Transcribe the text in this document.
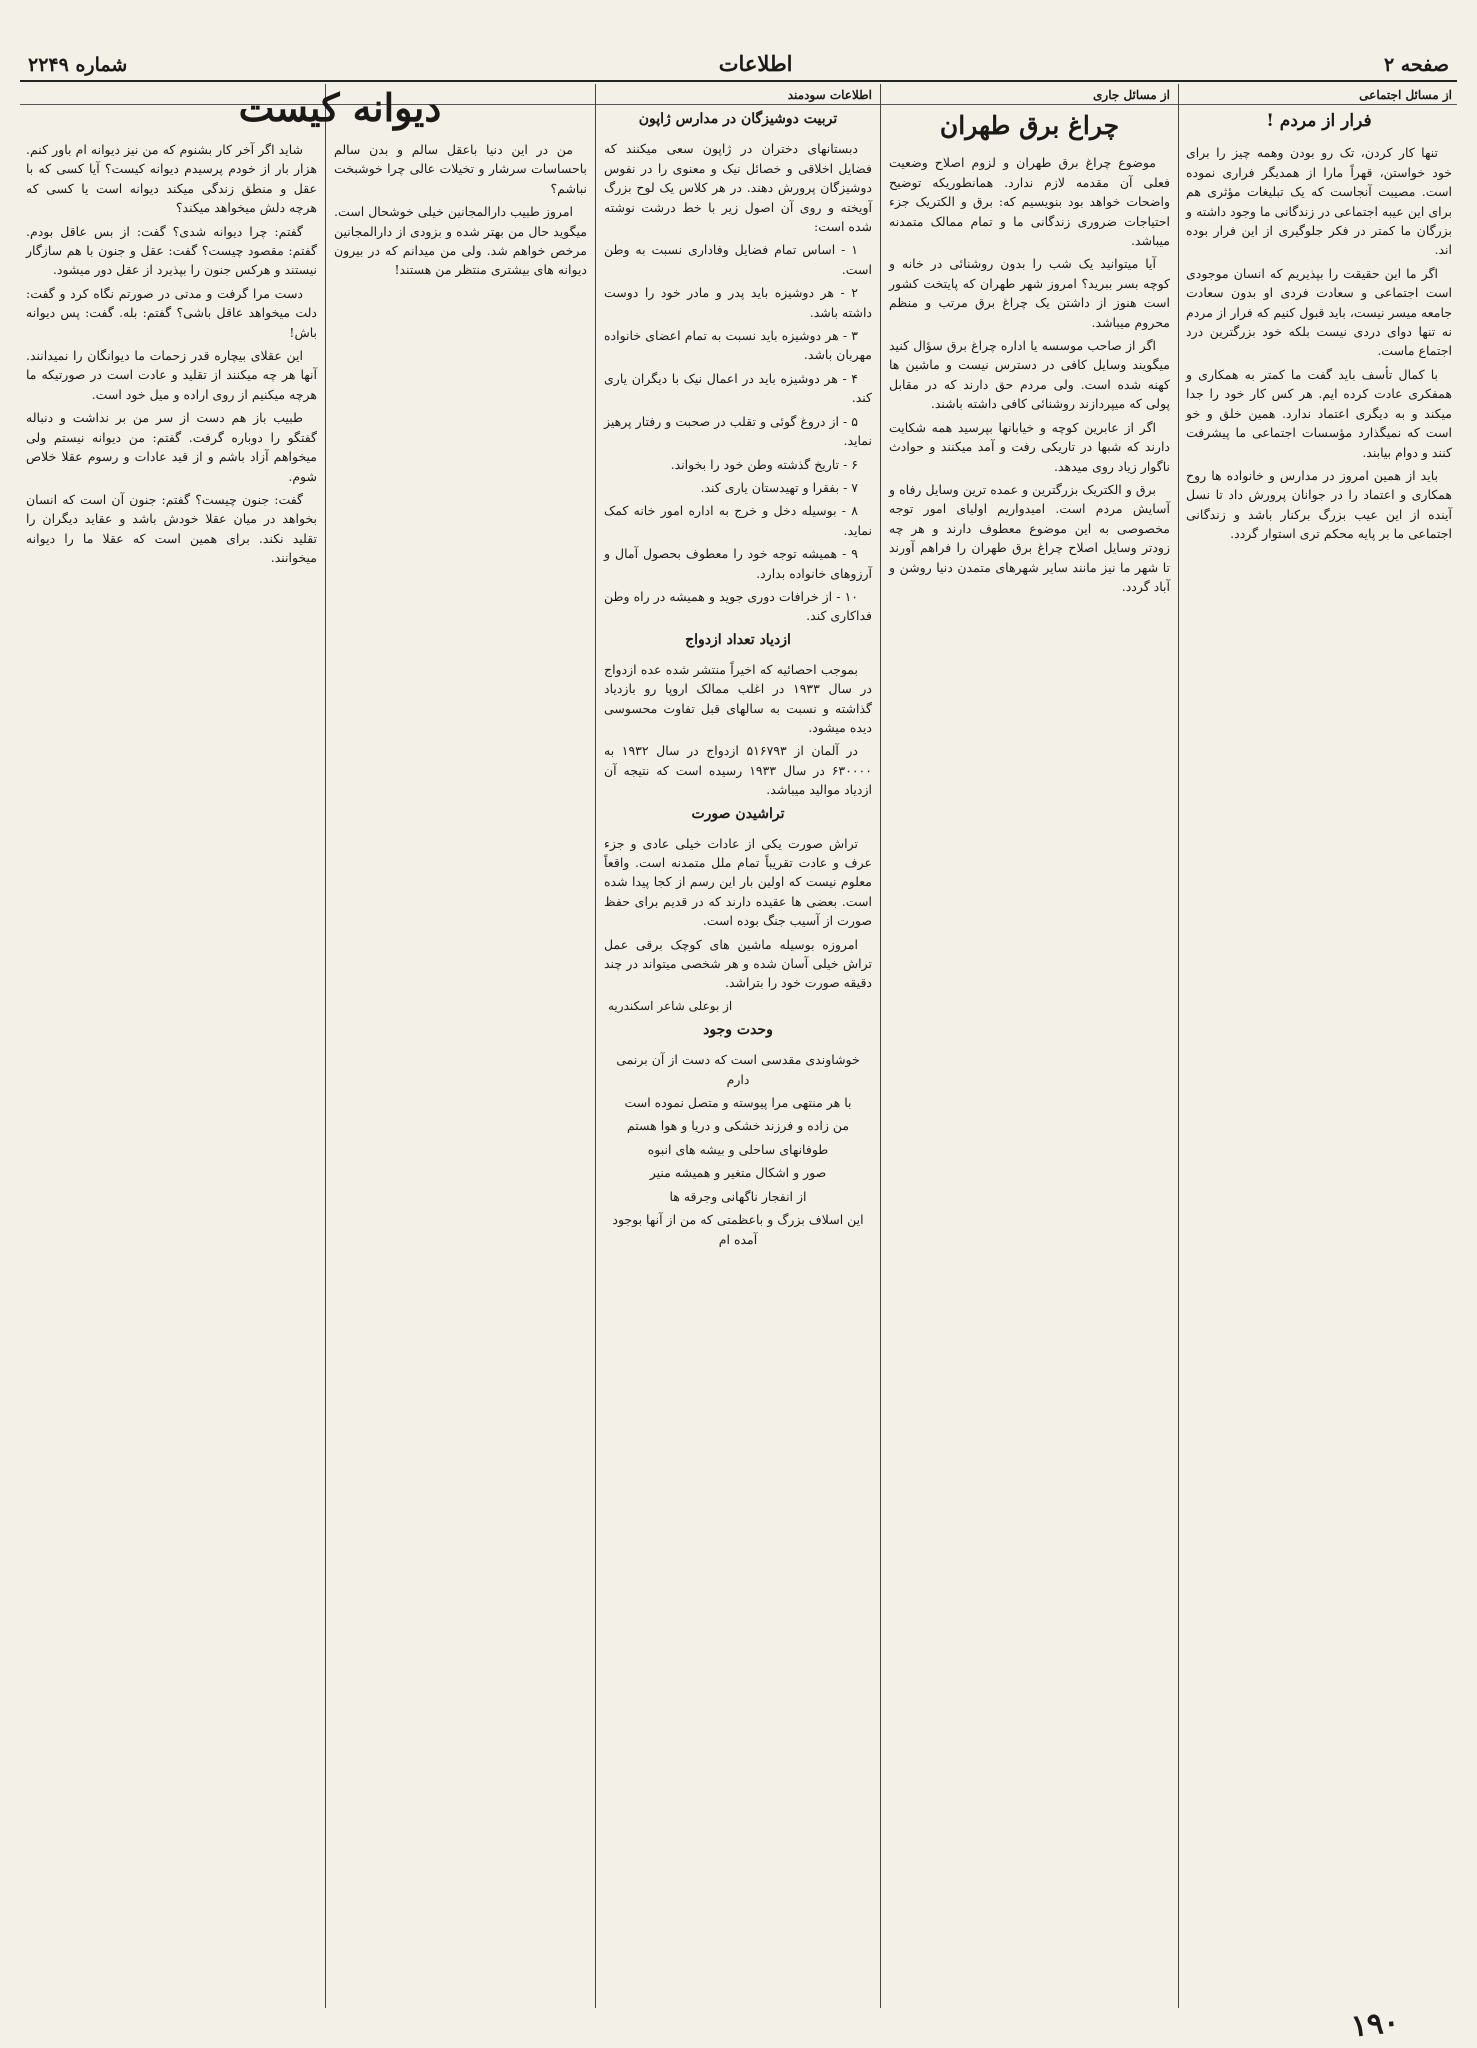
صفحه ۲
اطلاعات
شماره ۲۲۴۹
از مسائل اجتماعی
فرار از مردم !

تنها کار کردن، تک رو بودن وهمه چیز را برای خود خواستن، قهراً مارا از همدیگر فراری نموده است. مصیبت آنجاست که یک تبلیغات مؤثری هم برای این عیبه اجتماعی در زندگانی ما وجود داشته و بزرگان ما کمتر در فکر جلوگیری از این فرار بوده اند.

اگر ما این حقیقت را بپذیریم که انسان موجودی است اجتماعی و سعادت فردی او بدون سعادت جامعه میسر نیست، باید قبول کنیم که فرار از مردم نه تنها دوای دردی نیست بلکه خود بزرگترین درد اجتماع ماست.

با کمال تأسف باید گفت ما کمتر به همکاری و همفکری عادت کرده ایم. هر کس کار خود را جدا میکند و به دیگری اعتماد ندارد. همین خلق و خو است که نمیگذارد مؤسسات اجتماعی ما پیشرفت کنند و دوام بیابند.

باید از همین امروز در مدارس و خانواده ها روح همکاری و اعتماد را در جوانان پرورش داد تا نسل آینده از این عیب بزرگ برکنار باشد و زندگانی اجتماعی ما بر پایه محکم تری استوار گردد.

از مسائل جاری
چراغ برق طهران

موضوع چراغ برق طهران و لزوم اصلاح وضعیت فعلی آن مقدمه لازم ندارد. همانطوریکه توضیح واضحات خواهد بود بنویسیم که: برق و الکتریک جزء احتیاجات ضروری زندگانی ما و تمام ممالک متمدنه میباشد.

آیا میتوانید یک شب را بدون روشنائی در خانه و کوچه بسر ببرید؟ امروز شهر طهران که پایتخت کشور است هنوز از داشتن یک چراغ برق مرتب و منظم محروم میباشد.

اگر از صاحب موسسه یا اداره چراغ برق سؤال کنید میگویند وسایل کافی در دسترس نیست و ماشین ها کهنه شده است. ولی مردم حق دارند که در مقابل پولی که میپردازند روشنائی کافی داشته باشند.

اگر از عابرین کوچه و خیابانها بپرسید همه شکایت دارند که شبها در تاریکی رفت و آمد میکنند و حوادث ناگوار زیاد روی میدهد.

برق و الکتریک بزرگترین و عمده ترین وسایل رفاه و آسایش مردم است. امیدواریم اولیای امور توجه مخصوصی به این موضوع معطوف دارند و هر چه زودتر وسایل اصلاح چراغ برق طهران را فراهم آورند تا شهر ما نیز مانند سایر شهرهای متمدن دنیا روشن و آباد گردد.

اطلاعات سودمند
تربیت دوشیزگان در مدارس ژاپون

دبستانهای دختران در ژاپون سعی میکنند که فضایل اخلاقی و خصائل نیک و معنوی را در نفوس دوشیزگان پرورش دهند. در هر کلاس یک لوح بزرگ آویخته و روی آن اصول زیر با خط درشت نوشته شده است:

۱ - اساس تمام فضایل وفاداری نسبت به وطن است.

۲ - هر دوشیزه باید پدر و مادر خود را دوست داشته باشد.

۳ - هر دوشیزه باید نسبت به تمام اعضای خانواده مهربان باشد.

۴ - هر دوشیزه باید در اعمال نیک با دیگران یاری کند.

۵ - از دروغ گوئی و تقلب در صحبت و رفتار پرهیز نماید.

۶ - تاریخ گذشته وطن خود را بخواند.

۷ - بفقرا و تهیدستان یاری کند.

۸ - بوسیله دخل و خرج به اداره امور خانه کمک نماید.

۹ - همیشه توجه خود را معطوف بحصول آمال و آرزوهای خانواده بدارد.

۱۰ - از خرافات دوری جوید و همیشه در راه وطن فداکاری کند.

ازدیاد تعداد ازدواج

بموجب احصائیه که اخیراً منتشر شده عده ازدواج در سال ۱۹۳۳ در اغلب ممالک اروپا رو بازدیاد گذاشته و نسبت به سالهای قبل تفاوت محسوسی دیده میشود.

در آلمان از ۵۱۶۷۹۳ ازدواج در سال ۱۹۳۲ به ۶۳۰۰۰۰ در سال ۱۹۳۳ رسیده است که نتیجه آن ازدیاد موالید میباشد.

تراشیدن صورت

تراش صورت یکی از عادات خیلی عادی و جزء عرف و عادت تقریباً تمام ملل متمدنه است. واقعاً معلوم نیست که اولین بار این رسم از کجا پیدا شده است. بعضی ها عقیده دارند که در قدیم برای حفظ صورت از آسیب جنگ بوده است.

امروزه بوسیله ماشین های کوچک برقی عمل تراش خیلی آسان شده و هر شخصی میتواند در چند دقیقه صورت خود را بتراشد.

از بوعلی شاعر اسکندریه
وحدت وجود

خوشاوندی مقدسی است که دست از آن برنمی دارم

با هر منتهی مرا پیوسته و متصل نموده است

من زاده و فرزند خشکی و دریا و هوا هستم

طوفانهای ساحلی و بیشه های انبوه

صور و اشکال متغیر و همیشه منیر

از انفجار ناگهانی وجرقه ها

این اسلاف بزرگ و باعظمتی که من از آنها بوجود آمده ام

دیوانه کیست

شاید اگر آخر کار بشنوم که من نیز دیوانه ام باور کنم. هزار بار از خودم پرسیدم دیوانه کیست؟ آیا کسی که با عقل و منطق زندگی میکند دیوانه است یا کسی که هرچه دلش میخواهد میکند؟

گفتم: چرا دیوانه شدی؟ گفت: از بس عاقل بودم. گفتم: مقصود چیست؟ گفت: عقل و جنون با هم سازگار نیستند و هرکس جنون را بپذیرد از عقل دور میشود.

دست مرا گرفت و مدتی در صورتم نگاه کرد و گفت: دلت میخواهد عاقل باشی؟ گفتم: بله. گفت: پس دیوانه باش!

این عقلای بیچاره قدر زحمات ما دیوانگان را نمیدانند. آنها هر چه میکنند از تقلید و عادت است در صورتیکه ما هرچه میکنیم از روی اراده و میل خود است.

طبیب باز هم دست از سر من بر نداشت و دنباله گفتگو را دوباره گرفت. گفتم: من دیوانه نیستم ولی میخواهم آزاد باشم و از قید عادات و رسوم عقلا خلاص شوم.

گفت: جنون چیست؟ گفتم: جنون آن است که انسان بخواهد در میان عقلا خودش باشد و عقاید دیگران را تقلید نکند. برای همین است که عقلا ما را دیوانه میخوانند.

من در این دنیا باعقل سالم و بدن سالم باحساسات سرشار و تخیلات عالی چرا خوشبخت نباشم؟

امروز طبیب دارالمجانین خیلی خوشحال است. میگوید حال من بهتر شده و بزودی از دارالمجانین مرخص خواهم شد. ولی من میدانم که در بیرون دیوانه های بیشتری منتظر من هستند!

۱۹۰
